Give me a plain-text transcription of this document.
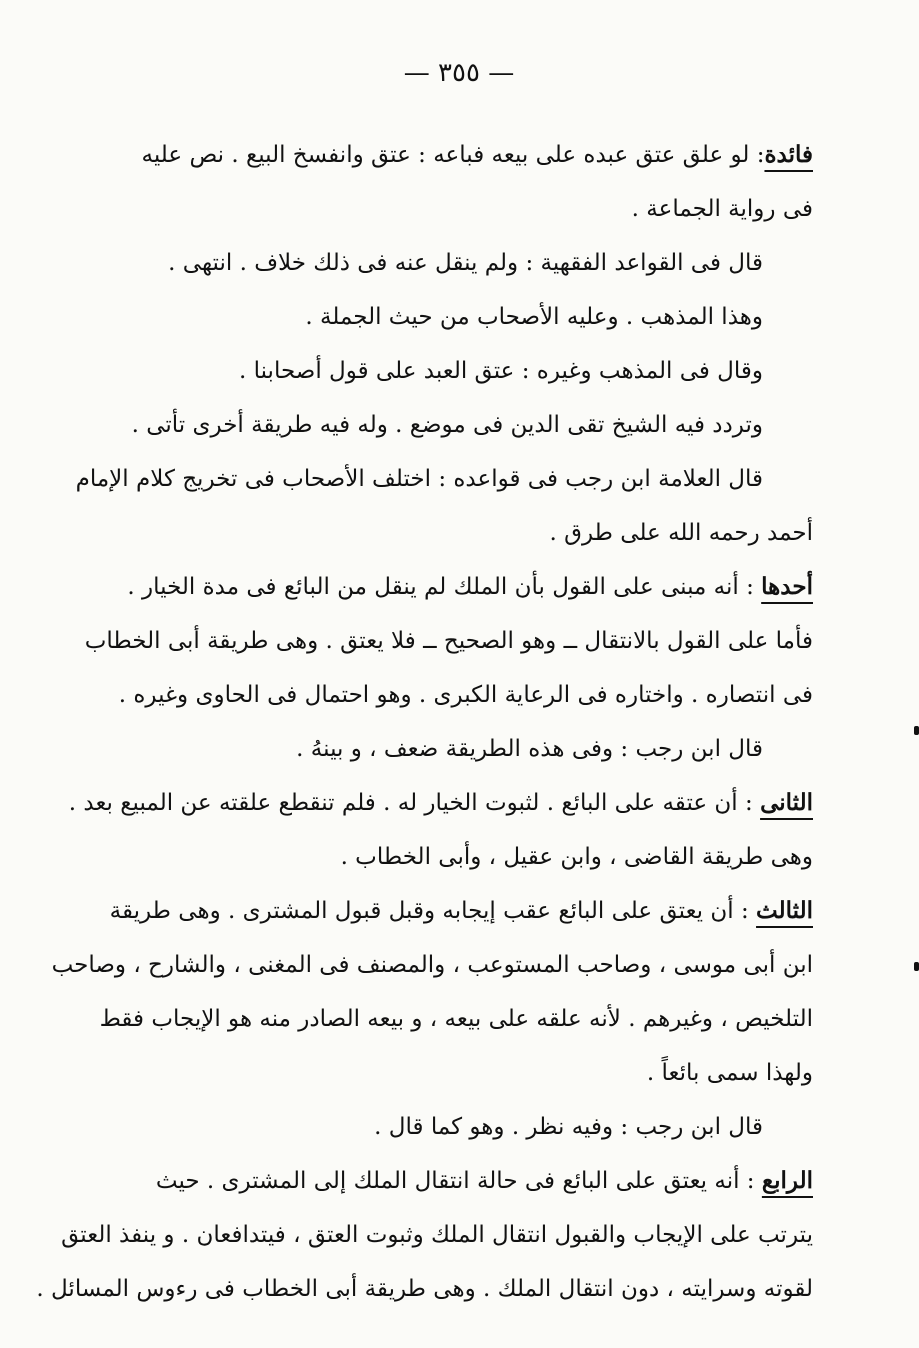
— ٣٥٥ —
فائدة: لو علق عتق عبده على بيعه فباعه : عتق وانفسخ البيع . نص عليه
فى رواية الجماعة .
قال فى القواعد الفقهية : ولم ينقل عنه فى ذلك خلاف . انتهى .
وهذا المذهب . وعليه الأصحاب من حيث الجملة .
وقال فى المذهب وغيره : عتق العبد على قول أصحابنا .
وتردد فيه الشيخ تقى الدين فى موضع . وله فيه طريقة أخرى تأتى .
قال العلامة ابن رجب فى قواعده : اختلف الأصحاب فى تخريج كلام الإمام
أحمد رحمه الله على طرق .
أحدها : أنه مبنى على القول بأن الملك لم ينقل من البائع فى مدة الخيار .
فأما على القول بالانتقال ــ وهو الصحيح ــ فلا يعتق . وهى طريقة أبى الخطاب
فى انتصاره . واختاره فى الرعاية الكبرى . وهو احتمال فى الحاوى وغيره .
قال ابن رجب : وفى هذه الطريقة ضعف ، و بينهُ .
الثانى : أن عتقه على البائع . لثبوت الخيار له . فلم تنقطع علقته عن المبيع بعد .
وهى طريقة القاضى ، وابن عقيل ، وأبى الخطاب .
الثالث : أن يعتق على البائع عقب إيجابه وقبل قبول المشترى . وهى طريقة
ابن أبى موسى ، وصاحب المستوعب ، والمصنف فى المغنى ، والشارح ، وصاحب
التلخيص ، وغيرهم . لأنه علقه على بيعه ، و بيعه الصادر منه هو الإيجاب فقط
ولهذا سمى بائعاً .
قال ابن رجب : وفيه نظر . وهو كما قال .
الرابع : أنه يعتق على البائع فى حالة انتقال الملك إلى المشترى . حيث
يترتب على الإيجاب والقبول انتقال الملك وثبوت العتق ، فيتدافعان . و ينفذ العتق
لقوته وسرايته ، دون انتقال الملك . وهى طريقة أبى الخطاب فى رءوس المسائل .
